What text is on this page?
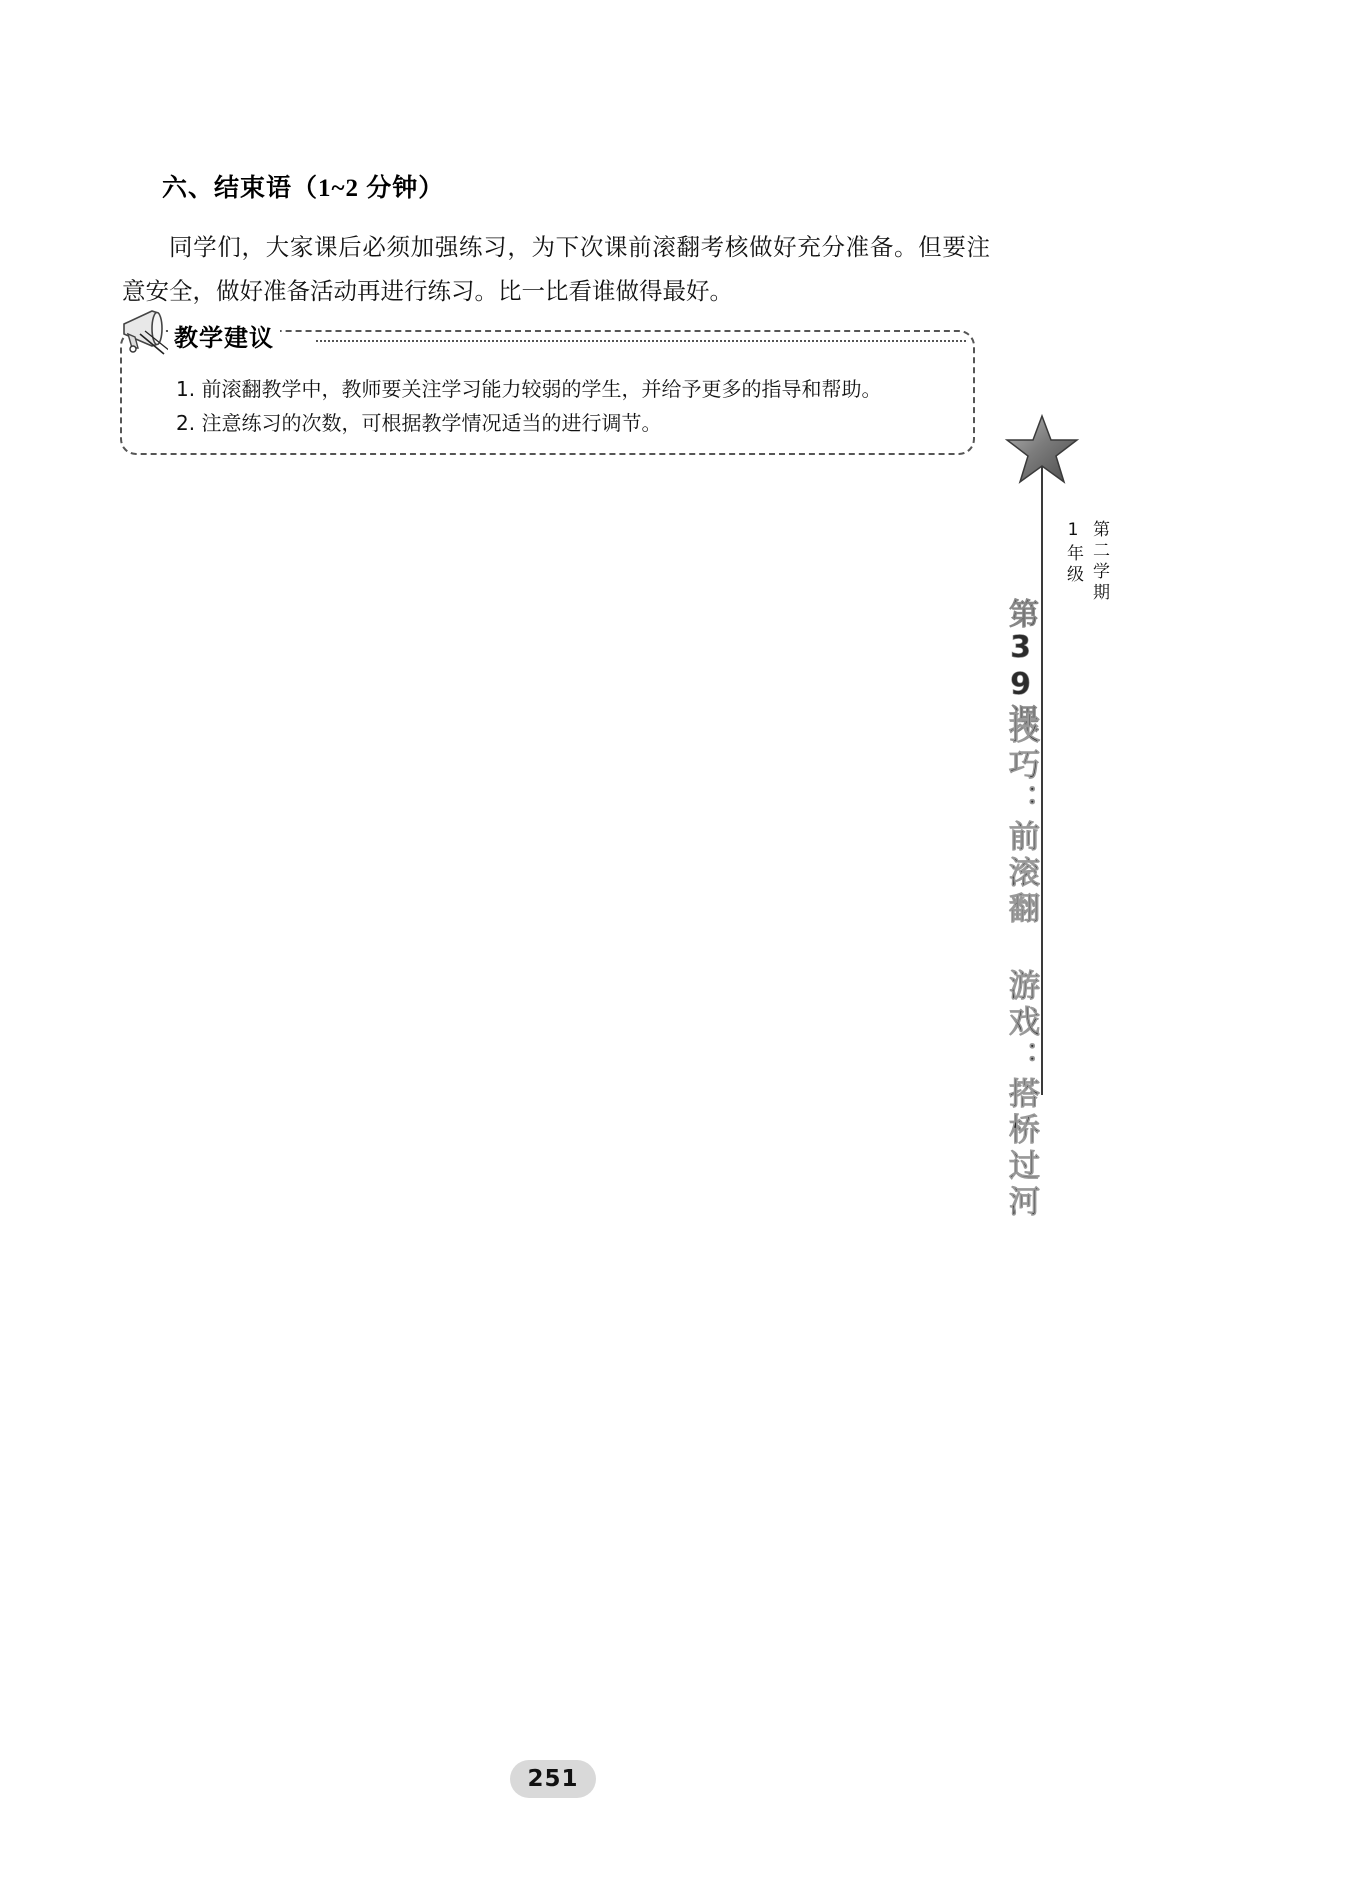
六、结束语（1~2 分钟）
同学们，大家课后必须加强练习，为下次课前滚翻考核做好充分准备。但要注意安全，做好准备活动再进行练习。比一比看谁做得最好。
教学建议
1. 前滚翻教学中，教师要关注学习能力较弱的学生，并给予更多的指导和帮助。
2. 注意练习的次数，可根据教学情况适当的进行调节。
1年级 第二学期
第39课
技巧：前滚翻 游戏：搭桥过河
251
